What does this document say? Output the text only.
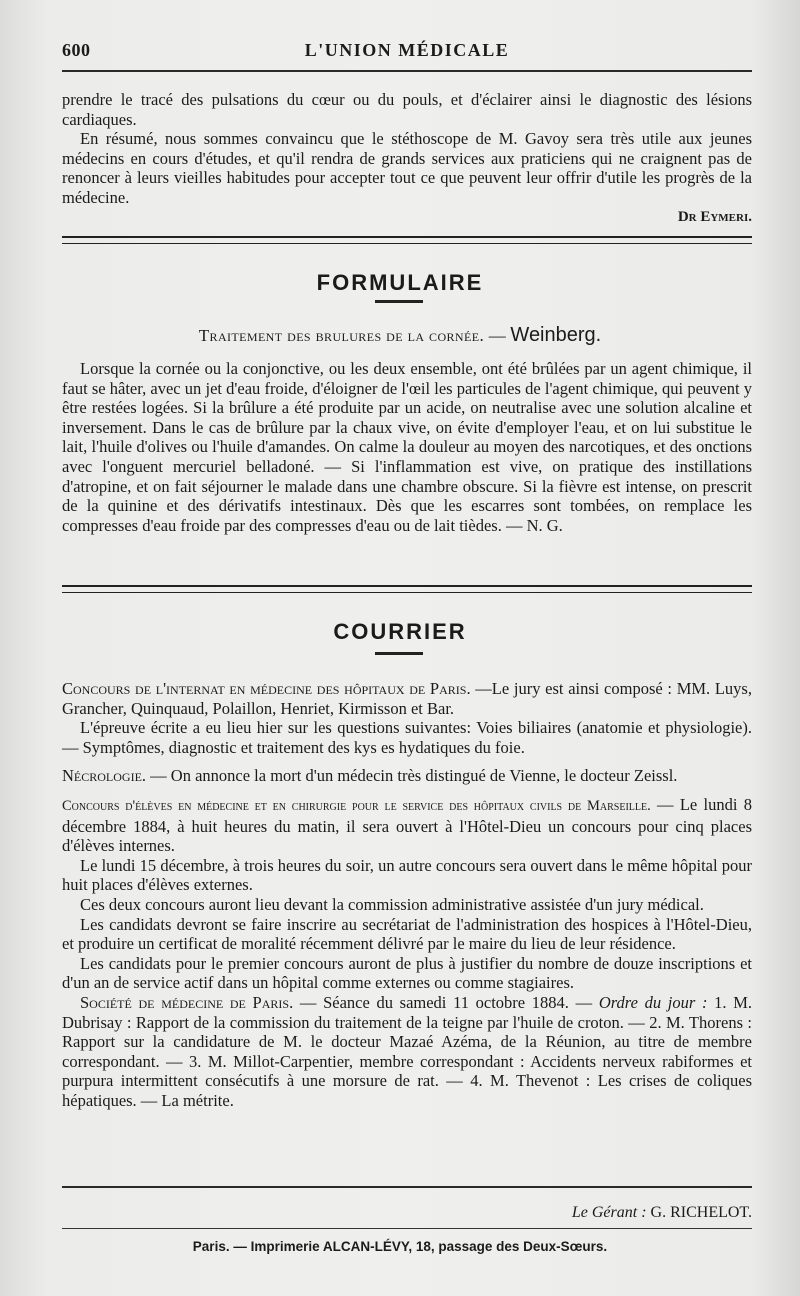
600	L'UNION MÉDICALE

prendre le tracé des pulsations du cœur ou du pouls, et d'éclairer ainsi le diagnostic des lésions cardiaques.

En résumé, nous sommes convaincu que le stéthoscope de M. Gavoy sera très utile aux jeunes médecins en cours d'études, et qu'il rendra de grands services aux praticiens qui ne craignent pas de renoncer à leurs vieilles habitudes pour accepter tout ce que peuvent leur offrir d'utile les progrès de la médecine.

Dr Eymeri.
FORMULAIRE
Traitement des brulures de la cornée. — Weinberg.

Lorsque la cornée ou la conjonctive, ou les deux ensemble, ont été brûlées par un agent chimique, il faut se hâter, avec un jet d'eau froide, d'éloigner de l'œil les particules de l'agent chimique, qui peuvent y être restées logées. Si la brûlure a été produite par un acide, on neutralise avec une solution alcaline et inversement. Dans le cas de brûlure par la chaux vive, on évite d'employer l'eau, et on lui substitue le lait, l'huile d'olives ou l'huile d'amandes. On calme la douleur au moyen des narcotiques, et des onctions avec l'onguent mercuriel belladoné. — Si l'inflammation est vive, on pratique des instillations d'atropine, et on fait séjourner le malade dans une chambre obscure. Si la fièvre est intense, on prescrit de la quinine et des dérivatifs intestinaux. Dès que les escarres sont tombées, on remplace les compresses d'eau froide par des compresses d'eau ou de lait tièdes. — N. G.

COURRIER

Concours de l'internat en médecine des hôpitaux de Paris. —Le jury est ainsi composé : MM. Luys, Grancher, Quinquaud, Polaillon, Henriet, Kirmisson et Bar.

L'épreuve écrite a eu lieu hier sur les questions suivantes: Voies biliaires (anatomie et physiologie). — Symptômes, diagnostic et traitement des kys es hydatiques du foie.

Nécrologie. — On annonce la mort d'un médecin très distingué de Vienne, le docteur Zeissl.

Concours d'élèves en médecine et en chirurgie pour le service des hôpitaux civils de Marseille. — Le lundi 8 décembre 1884, à huit heures du matin, il sera ouvert à l'Hôtel-Dieu un concours pour cinq places d'élèves internes.

Le lundi 15 décembre, à trois heures du soir, un autre concours sera ouvert dans le même hôpital pour huit places d'élèves externes.

Ces deux concours auront lieu devant la commission administrative assistée d'un jury médical.

Les candidats devront se faire inscrire au secrétariat de l'administration des hospices à l'Hôtel-Dieu, et produire un certificat de moralité récemment délivré par le maire du lieu de leur résidence.

Les candidats pour le premier concours auront de plus à justifier du nombre de douze inscriptions et d'un an de service actif dans un hôpital comme externes ou comme stagiaires.

Société de médecine de Paris. — Séance du samedi 11 octobre 1884. — Ordre du jour : 1. M. Dubrisay : Rapport de la commission du traitement de la teigne par l'huile de croton. — 2. M. Thorens : Rapport sur la candidature de M. le docteur Mazaé Azéma, de la Réunion, au titre de membre correspondant. — 3. M. Millot-Carpentier, membre correspondant : Accidents nerveux rabiformes et purpura intermittent consécutifs à une morsure de rat. — 4. M. Thevenot : Les crises de coliques hépatiques. — La métrite.

Le Gérant : G. RICHELOT.
Paris. — Imprimerie ALCAN-LÉVY, 18, passage des Deux-Sœurs.
